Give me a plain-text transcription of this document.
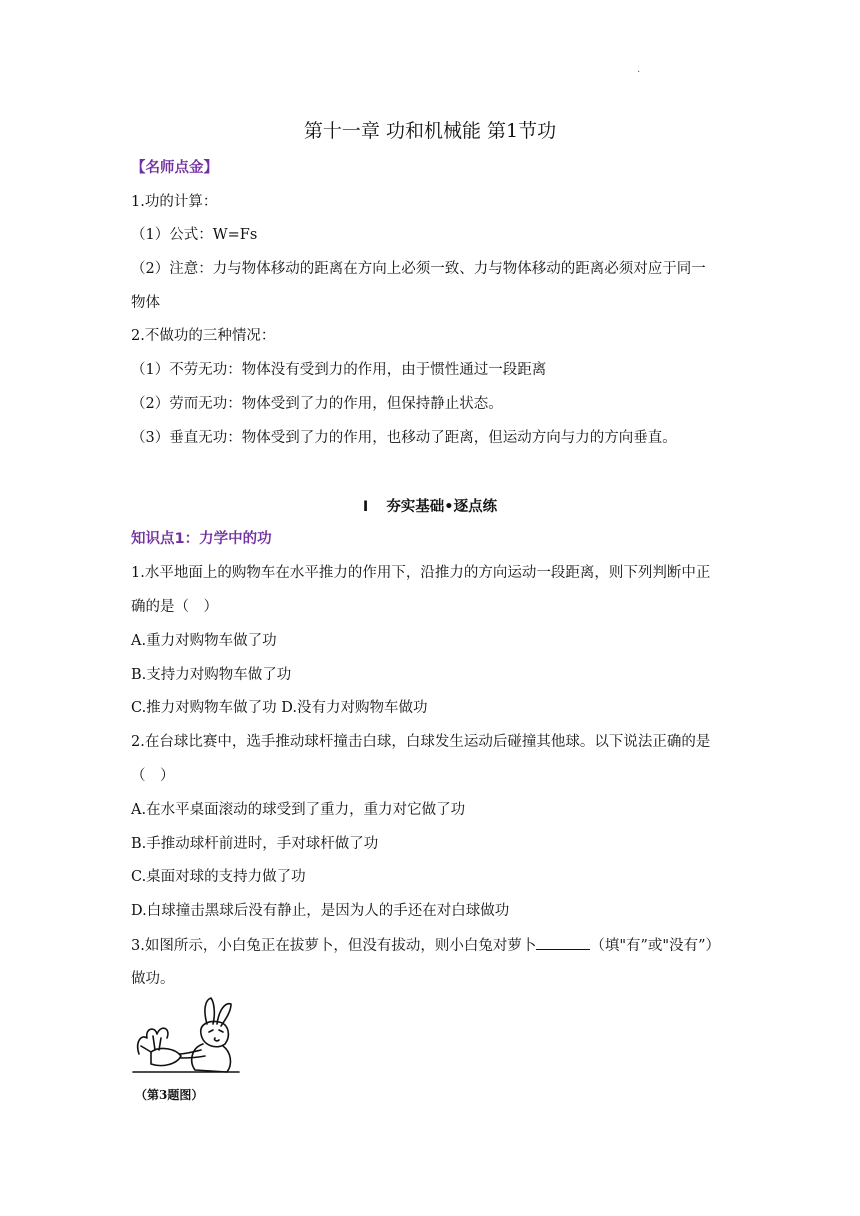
.
第十一章 功和机械能 第1节功
【名师点金】
1.功的计算：
（1）公式：W=Fs
（2）注意：力与物体移动的距离在方向上必须一致、力与物体移动的距离必须对应于同一
物体
2.不做功的三种情况：
（1）不劳无功：物体没有受到力的作用，由于惯性通过一段距离
（2）劳而无功：物体受到了力的作用，但保持静止状态。
（3）垂直无功：物体受到了力的作用，也移动了距离，但运动方向与力的方向垂直。
I 夯实基础•逐点练
知识点1：力学中的功
1.水平地面上的购物车在水平推力的作用下，沿推力的方向运动一段距离，则下列判断中正
确的是（　）
A.重力对购物车做了功
B.支持力对购物车做了功
C.推力对购物车做了功 D.没有力对购物车做功
2.在台球比赛中，选手推动球杆撞击白球，白球发生运动后碰撞其他球。以下说法正确的是
（　）
A.在水平桌面滚动的球受到了重力，重力对它做了功
B.手推动球杆前进时，手对球杆做了功
C.桌面对球的支持力做了功
D.白球撞击黑球后没有静止，是因为人的手还在对白球做功
3.如图所示，小白兔正在拔萝卜，但没有拔动，则小白兔对萝卜	（填"有”或"没有”）
做功。
（第3题图）
